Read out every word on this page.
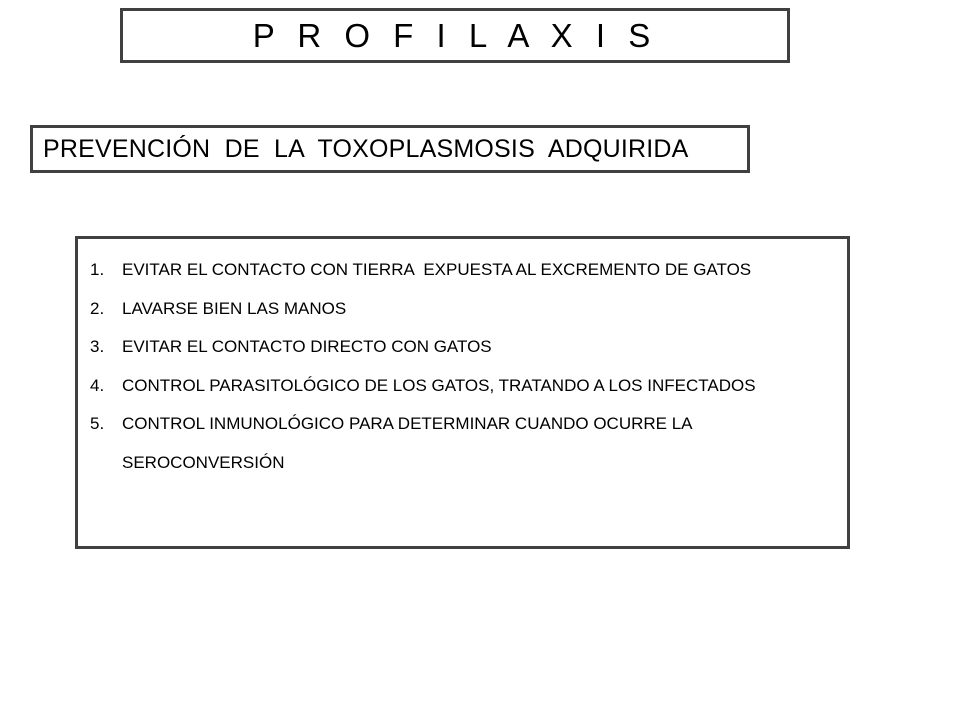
P R O F I L A X I S
PREVENCIÓN  DE  LA  TOXOPLASMOSIS  ADQUIRIDA
1.	EVITAR EL CONTACTO CON TIERRA  EXPUESTA AL EXCREMENTO DE GATOS
2.	LAVARSE BIEN LAS MANOS
3.	EVITAR EL CONTACTO DIRECTO CON GATOS
4.	CONTROL PARASITOLÓGICO DE LOS GATOS, TRATANDO A LOS INFECTADOS
5.	CONTROL INMUNOLÓGICO PARA DETERMINAR CUANDO OCURRE LA SEROCONVERSIÓN
